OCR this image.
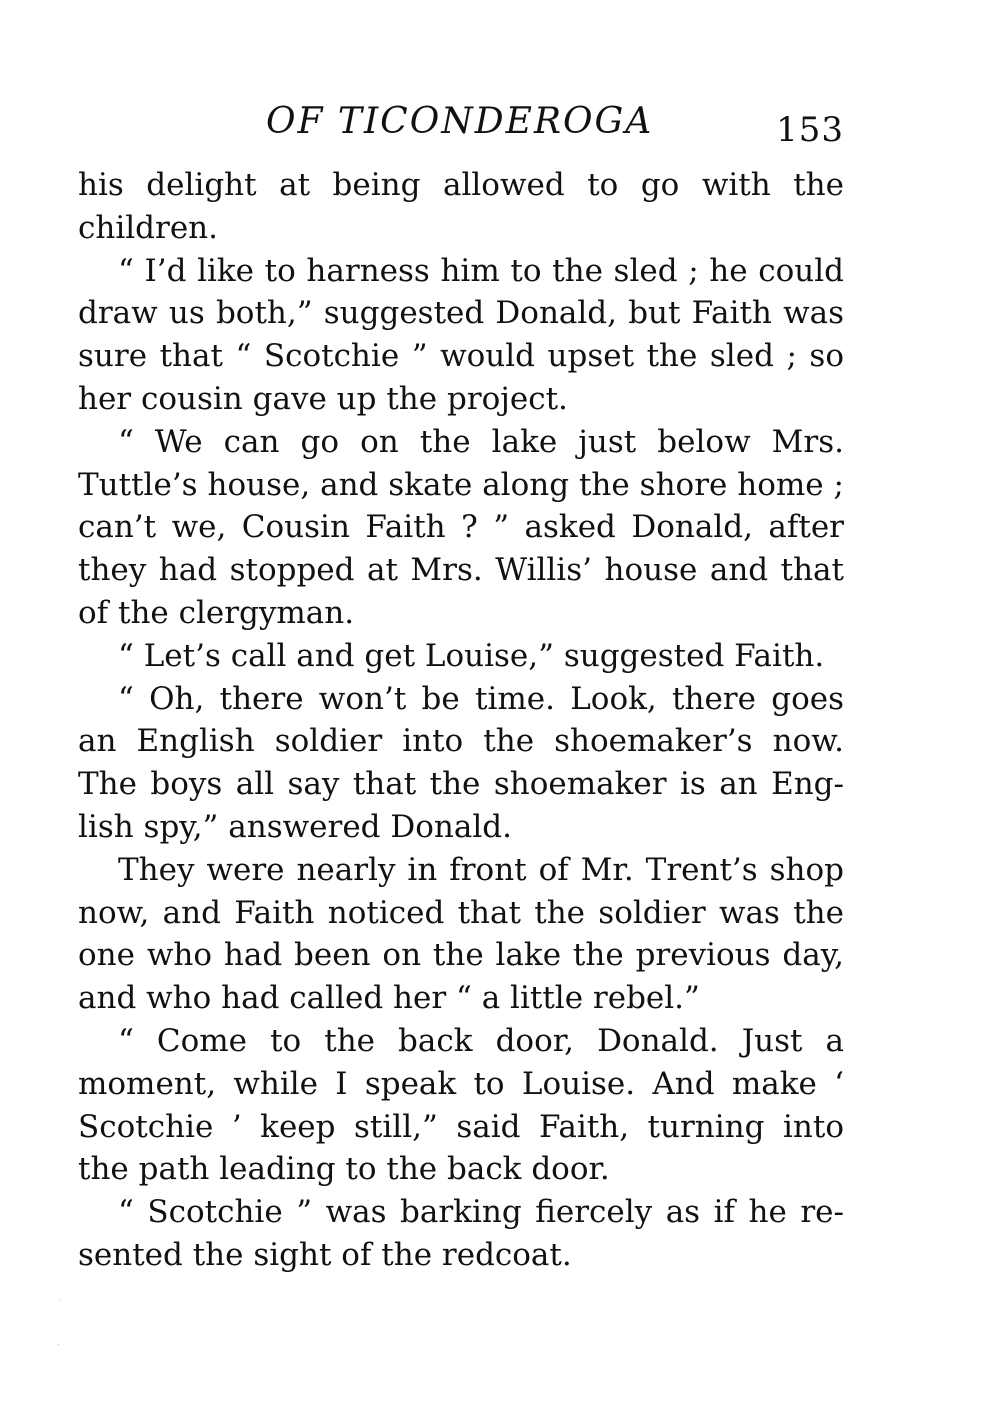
OF TICONDEROGA	153

his delight at being allowed to go with the children.

“ I’d like to harness him to the sled ; he could draw us both,” suggested Donald, but Faith was sure that “ Scotchie ” would upset the sled ; so her cousin gave up the project.

“ We can go on the lake just below Mrs. Tuttle’s house, and skate along the shore home ; can’t we, Cousin Faith ? ” asked Donald, after they had stopped at Mrs. Willis’ house and that of the clergyman.

“ Let’s call and get Louise,” suggested Faith.

“ Oh, there won’t be time. Look, there goes an English soldier into the shoemaker’s now. The boys all say that the shoemaker is an English spy,” answered Donald.

They were nearly in front of Mr. Trent’s shop now, and Faith noticed that the soldier was the one who had been on the lake the previous day, and who had called her “ a little rebel.”

“ Come to the back door, Donald. Just a moment, while I speak to Louise. And make ‘ Scotchie ’ keep still,” said Faith, turning into the path leading to the back door.

“ Scotchie ” was barking fiercely as if he resented the sight of the redcoat.
